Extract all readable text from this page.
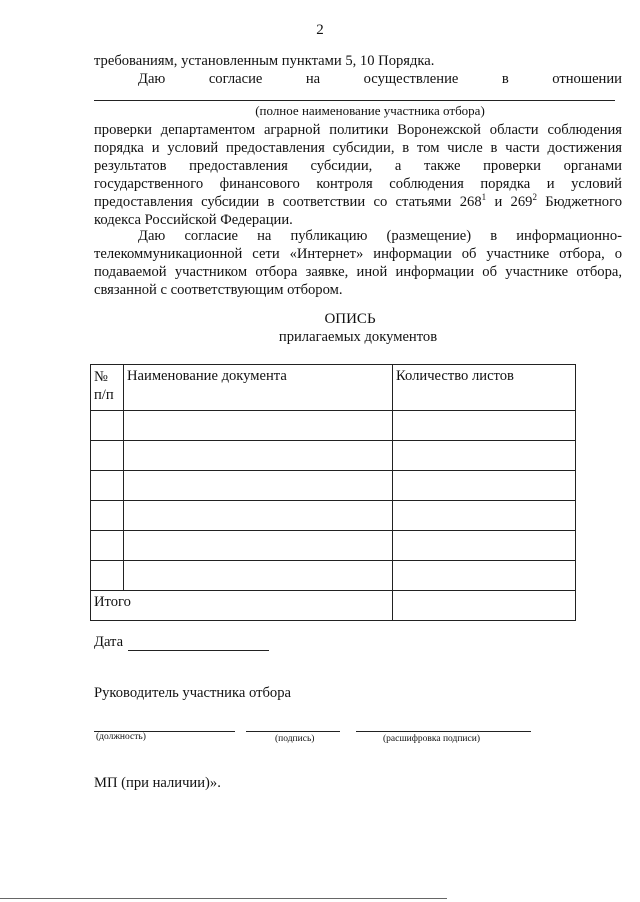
2
требованиям, установленным пунктами 5, 10 Порядка.
Даю	согласие	на	осуществление	в	отношении
(полное наименование участника отбора)
проверки департаментом аграрной политики Воронежской области соблюдения
порядка и условий предоставления субсидии, в том числе в части достижения
результатов предоставления субсидии, а также проверки органами
государственного финансового контроля соблюдения порядка и условий
предоставления субсидии в соответствии со статьями $268^1$ и $269^2$ Бюджетного
кодекса Российской Федерации.
Даю согласие на публикацию (размещение) в информационно-
телекоммуникационной сети «Интернет» информации об участнике отбора, о
подаваемой участником отбора заявке, иной информации об участнике отбора,
связанной с соответствующим отбором.
ОПИСЬ
прилагаемых документов
№
п/п	Наименование документа	Количество листов

Итого		
Дата
Руководитель участника отбора
(должность)	(подпись)	(расшифровка подписи)
МП (при наличии)».
